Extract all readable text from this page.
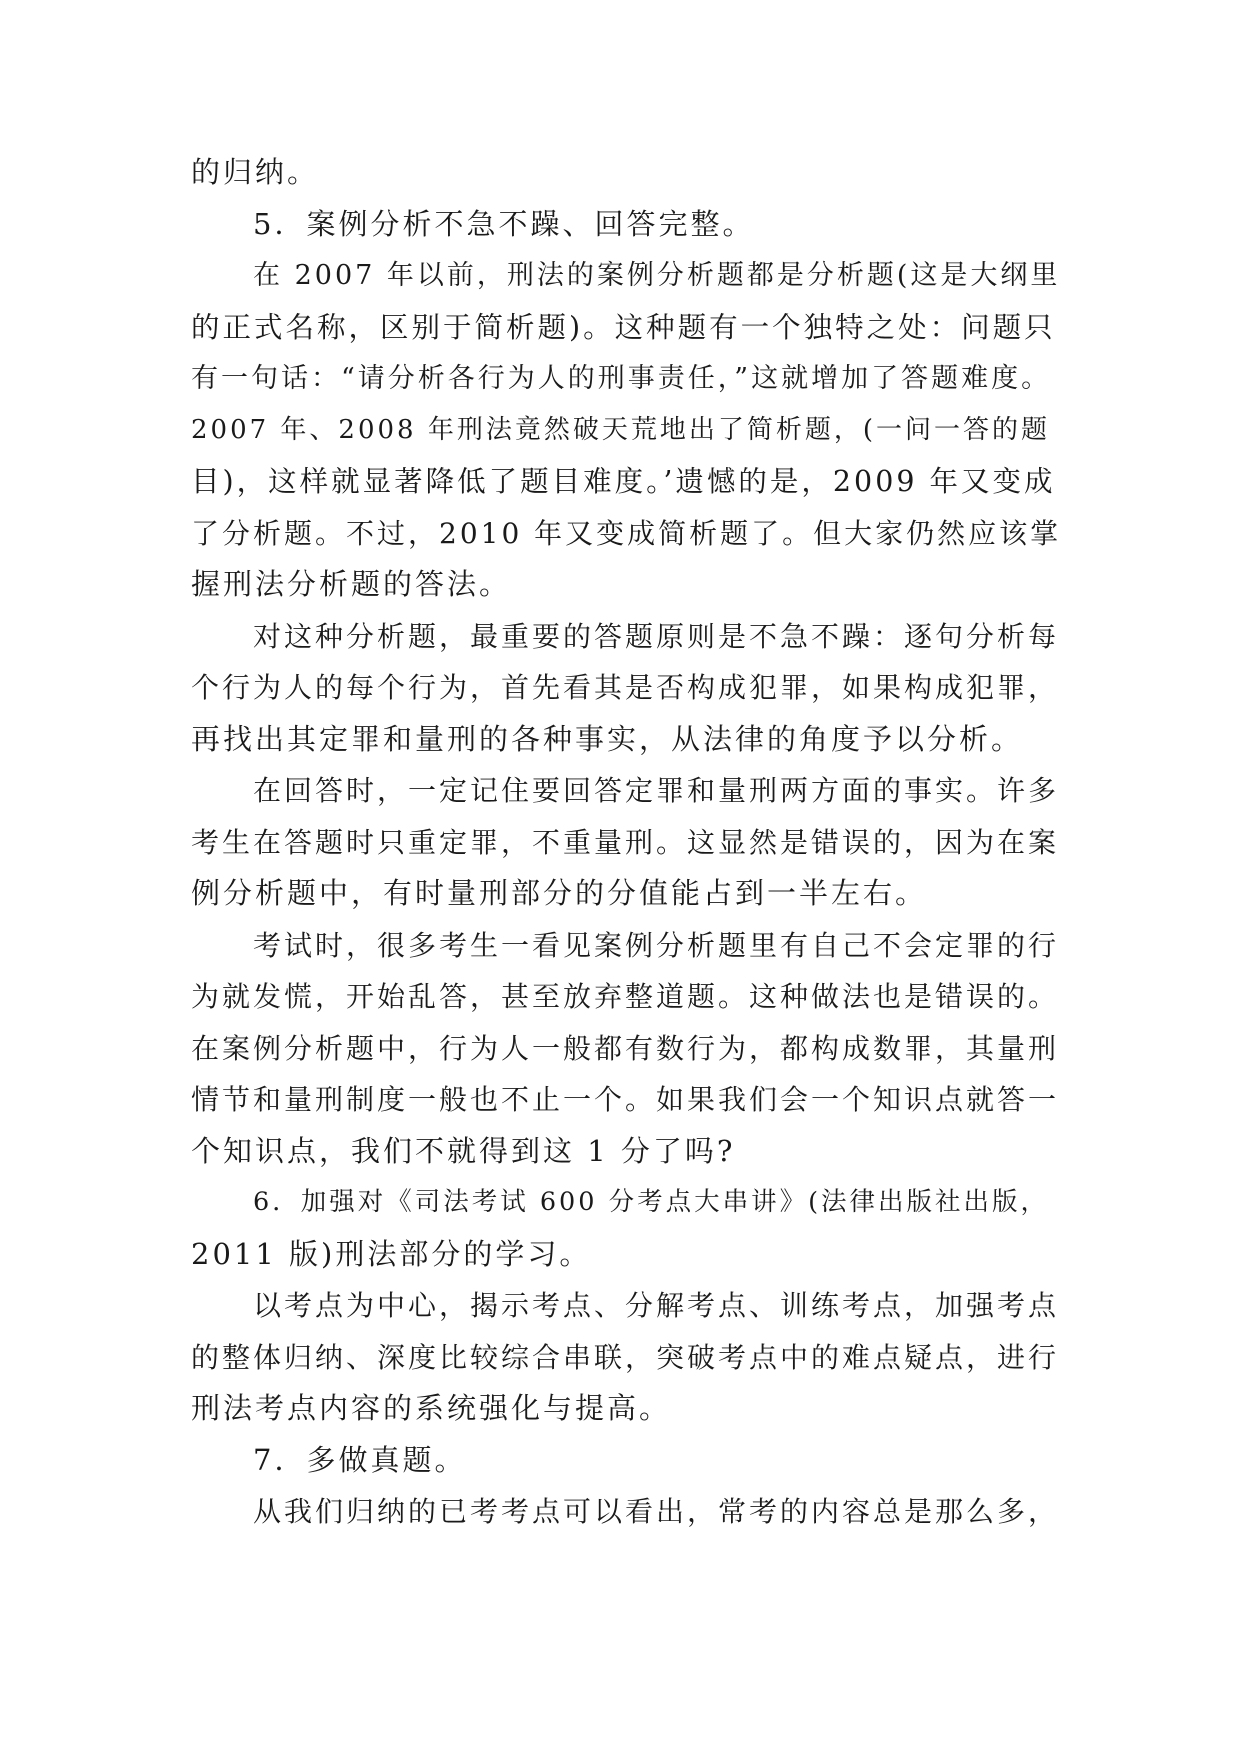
的归纳。
5．案例分析不急不躁、回答完整。
在 2007 年以前，刑法的案例分析题都是分析题(这是大纲里
的正式名称，区别于简析题)。这种题有一个独特之处：问题只
有一句话：“请分析各行为人的刑事责任，”这就增加了答题难度。
2007 年、2008 年刑法竟然破天荒地出了简析题，(一问一答的题
目)，这样就显著降低了题目难度。’遗憾的是，2009 年又变成
了分析题。不过，2010 年又变成简析题了。但大家仍然应该掌
握刑法分析题的答法。
对这种分析题，最重要的答题原则是不急不躁：逐句分析每
个行为人的每个行为，首先看其是否构成犯罪，如果构成犯罪，
再找出其定罪和量刑的各种事实，从法律的角度予以分析。
在回答时，一定记住要回答定罪和量刑两方面的事实。许多
考生在答题时只重定罪，不重量刑。这显然是错误的，因为在案
例分析题中，有时量刑部分的分值能占到一半左右。
考试时，很多考生一看见案例分析题里有自己不会定罪的行
为就发慌，开始乱答，甚至放弃整道题。这种做法也是错误的。
在案例分析题中，行为人一般都有数行为，都构成数罪，其量刑
情节和量刑制度一般也不止一个。如果我们会一个知识点就答一
个知识点，我们不就得到这 1 分了吗?
6．加强对《司法考试 600 分考点大串讲》(法律出版社出版，
2011 版)刑法部分的学习。
以考点为中心，揭示考点、分解考点、训练考点，加强考点
的整体归纳、深度比较综合串联，突破考点中的难点疑点，进行
刑法考点内容的系统强化与提高。
7．多做真题。
从我们归纳的已考考点可以看出，常考的内容总是那么多，
